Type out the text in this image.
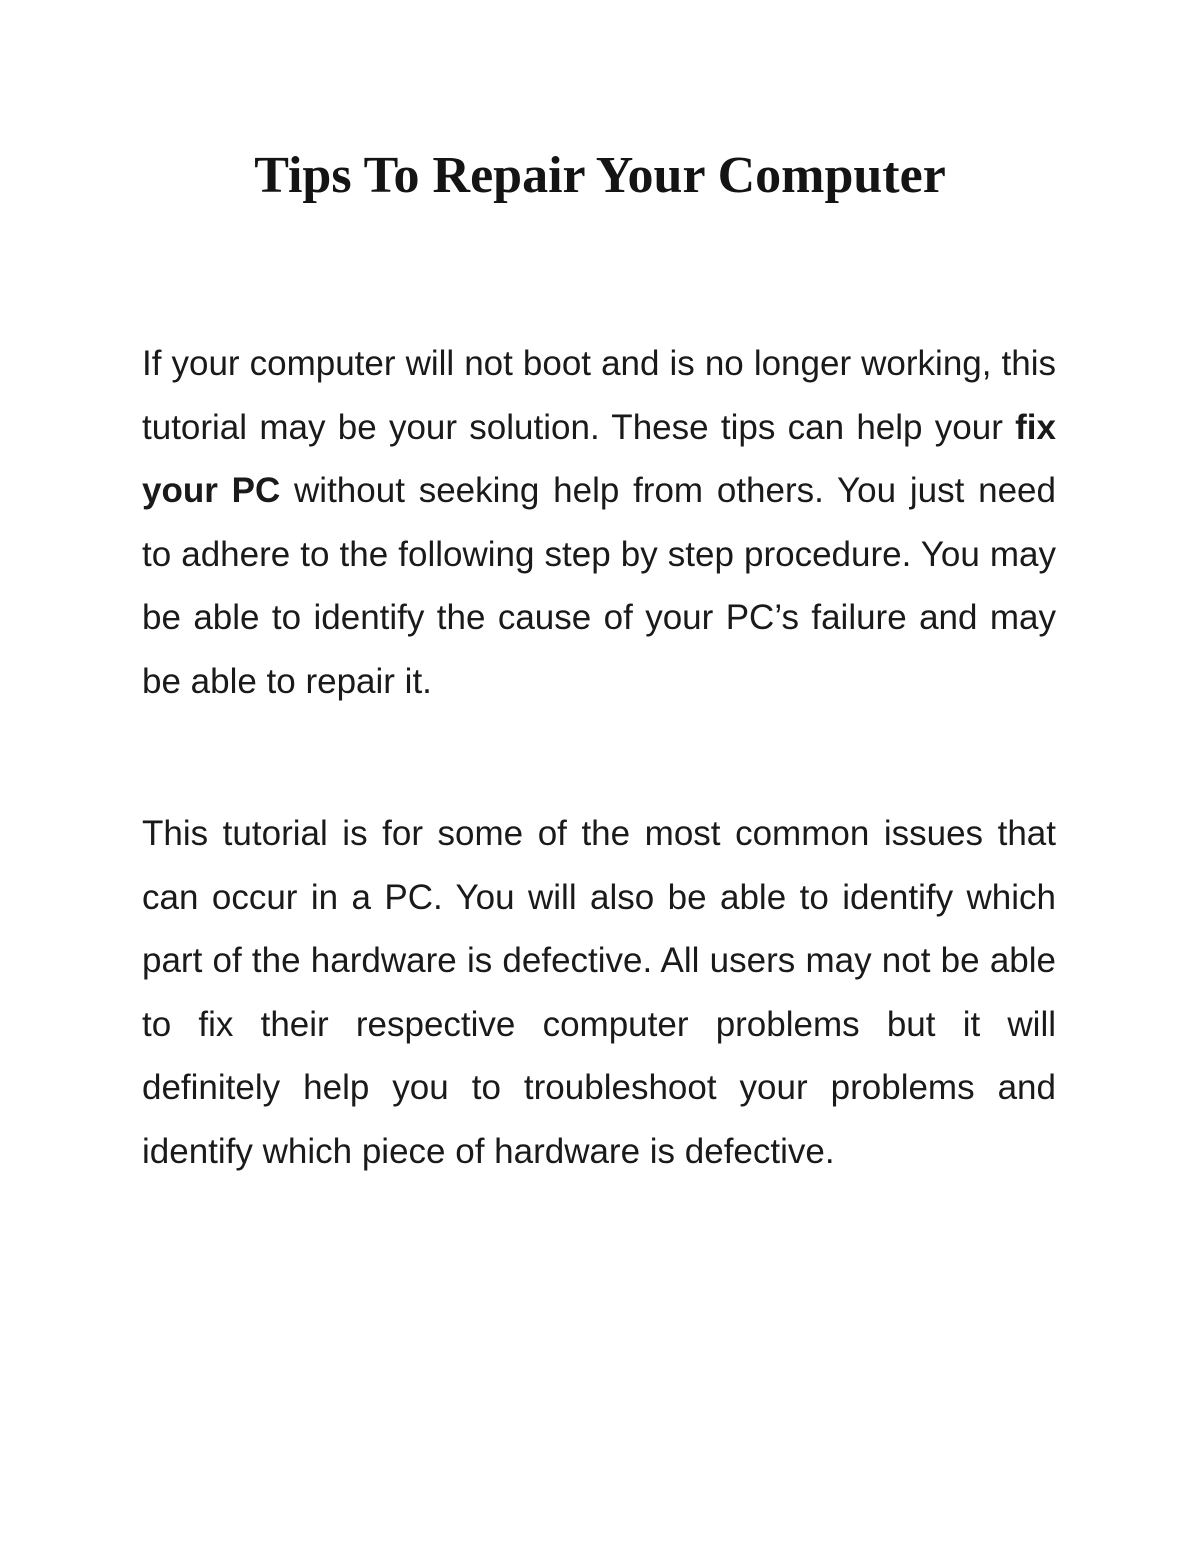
Tips To Repair Your Computer

If your computer will not boot and is no longer working, this tutorial may be your solution. These tips can help your fix your PC without seeking help from others. You just need to adhere to the following step by step procedure. You may be able to identify the cause of your PC’s failure and may be able to repair it.

This tutorial is for some of the most common issues that can occur in a PC. You will also be able to identify which part of the hardware is defective. All users may not be able to fix their respective computer problems but it will definitely help you to troubleshoot your problems and identify which piece of hardware is defective.
